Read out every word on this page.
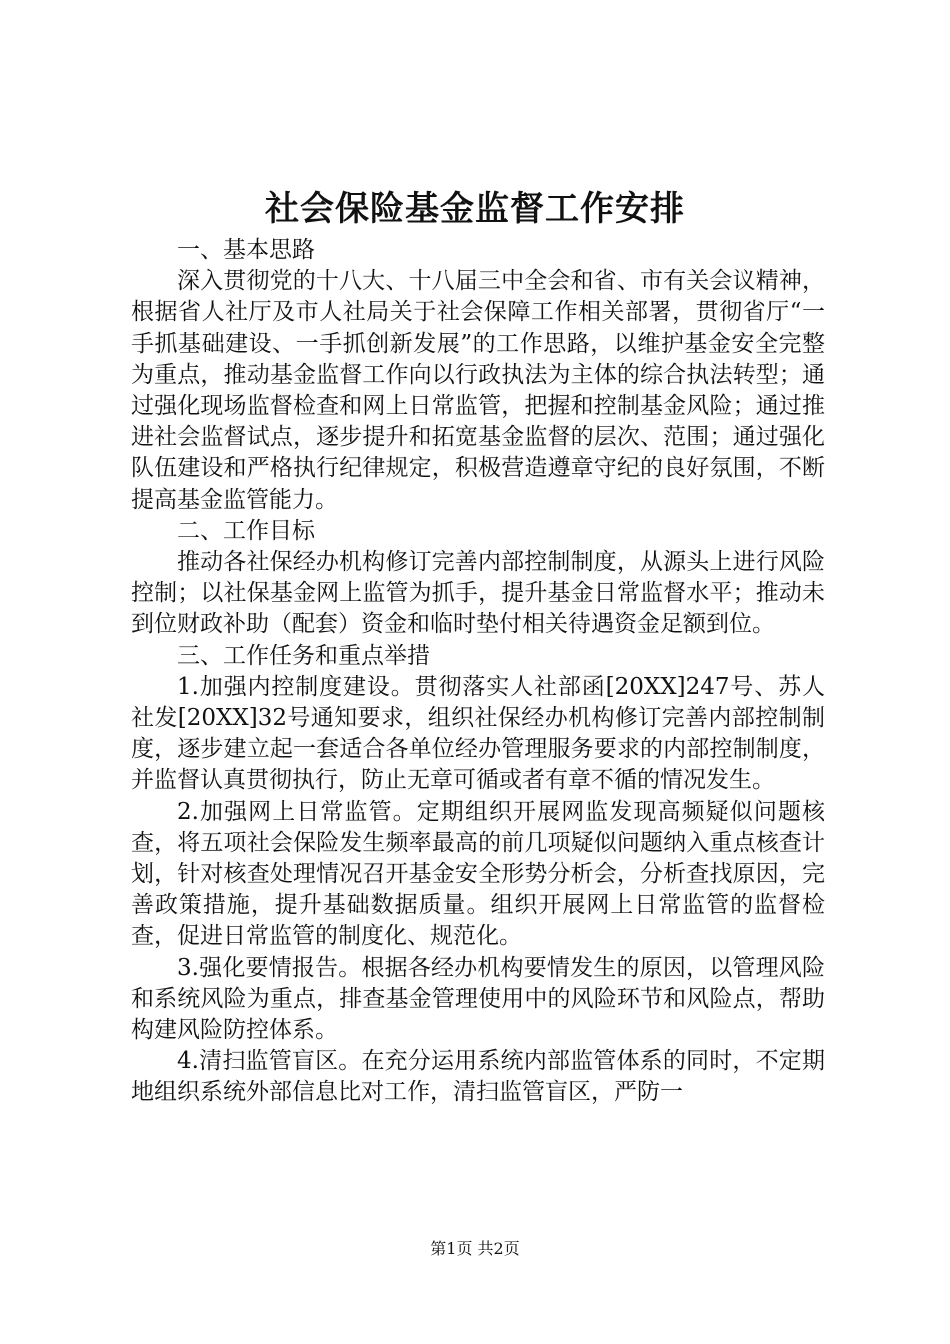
社会保险基金监督工作安排

一、基本思路

深入贯彻党的十八大、十八届三中全会和省、市有关会议精神，根据省人社厅及市人社局关于社会保障工作相关部署，贯彻省厅“一手抓基础建设、一手抓创新发展”的工作思路，以维护基金安全完整为重点，推动基金监督工作向以行政执法为主体的综合执法转型；通过强化现场监督检查和网上日常监管，把握和控制基金风险；通过推进社会监督试点，逐步提升和拓宽基金监督的层次、范围；通过强化队伍建设和严格执行纪律规定，积极营造遵章守纪的良好氛围，不断提高基金监管能力。

二、工作目标

推动各社保经办机构修订完善内部控制制度，从源头上进行风险控制；以社保基金网上监管为抓手，提升基金日常监督水平；推动未到位财政补助（配套）资金和临时垫付相关待遇资金足额到位。

三、工作任务和重点举措

1.加强内控制度建设。贯彻落实人社部函[20XX]247号、苏人社发[20XX]32号通知要求，组织社保经办机构修订完善内部控制制度，逐步建立起一套适合各单位经办管理服务要求的内部控制制度，并监督认真贯彻执行，防止无章可循或者有章不循的情况发生。

2.加强网上日常监管。定期组织开展网监发现高频疑似问题核查，将五项社会保险发生频率最高的前几项疑似问题纳入重点核查计划，针对核查处理情况召开基金安全形势分析会，分析查找原因，完善政策措施，提升基础数据质量。组织开展网上日常监管的监督检查，促进日常监管的制度化、规范化。

3.强化要情报告。根据各经办机构要情发生的原因，以管理风险和系统风险为重点，排查基金管理使用中的风险环节和风险点，帮助构建风险防控体系。

4.清扫监管盲区。在充分运用系统内部监管体系的同时，不定期地组织系统外部信息比对工作，清扫监管盲区，严防一

第1页 共2页
